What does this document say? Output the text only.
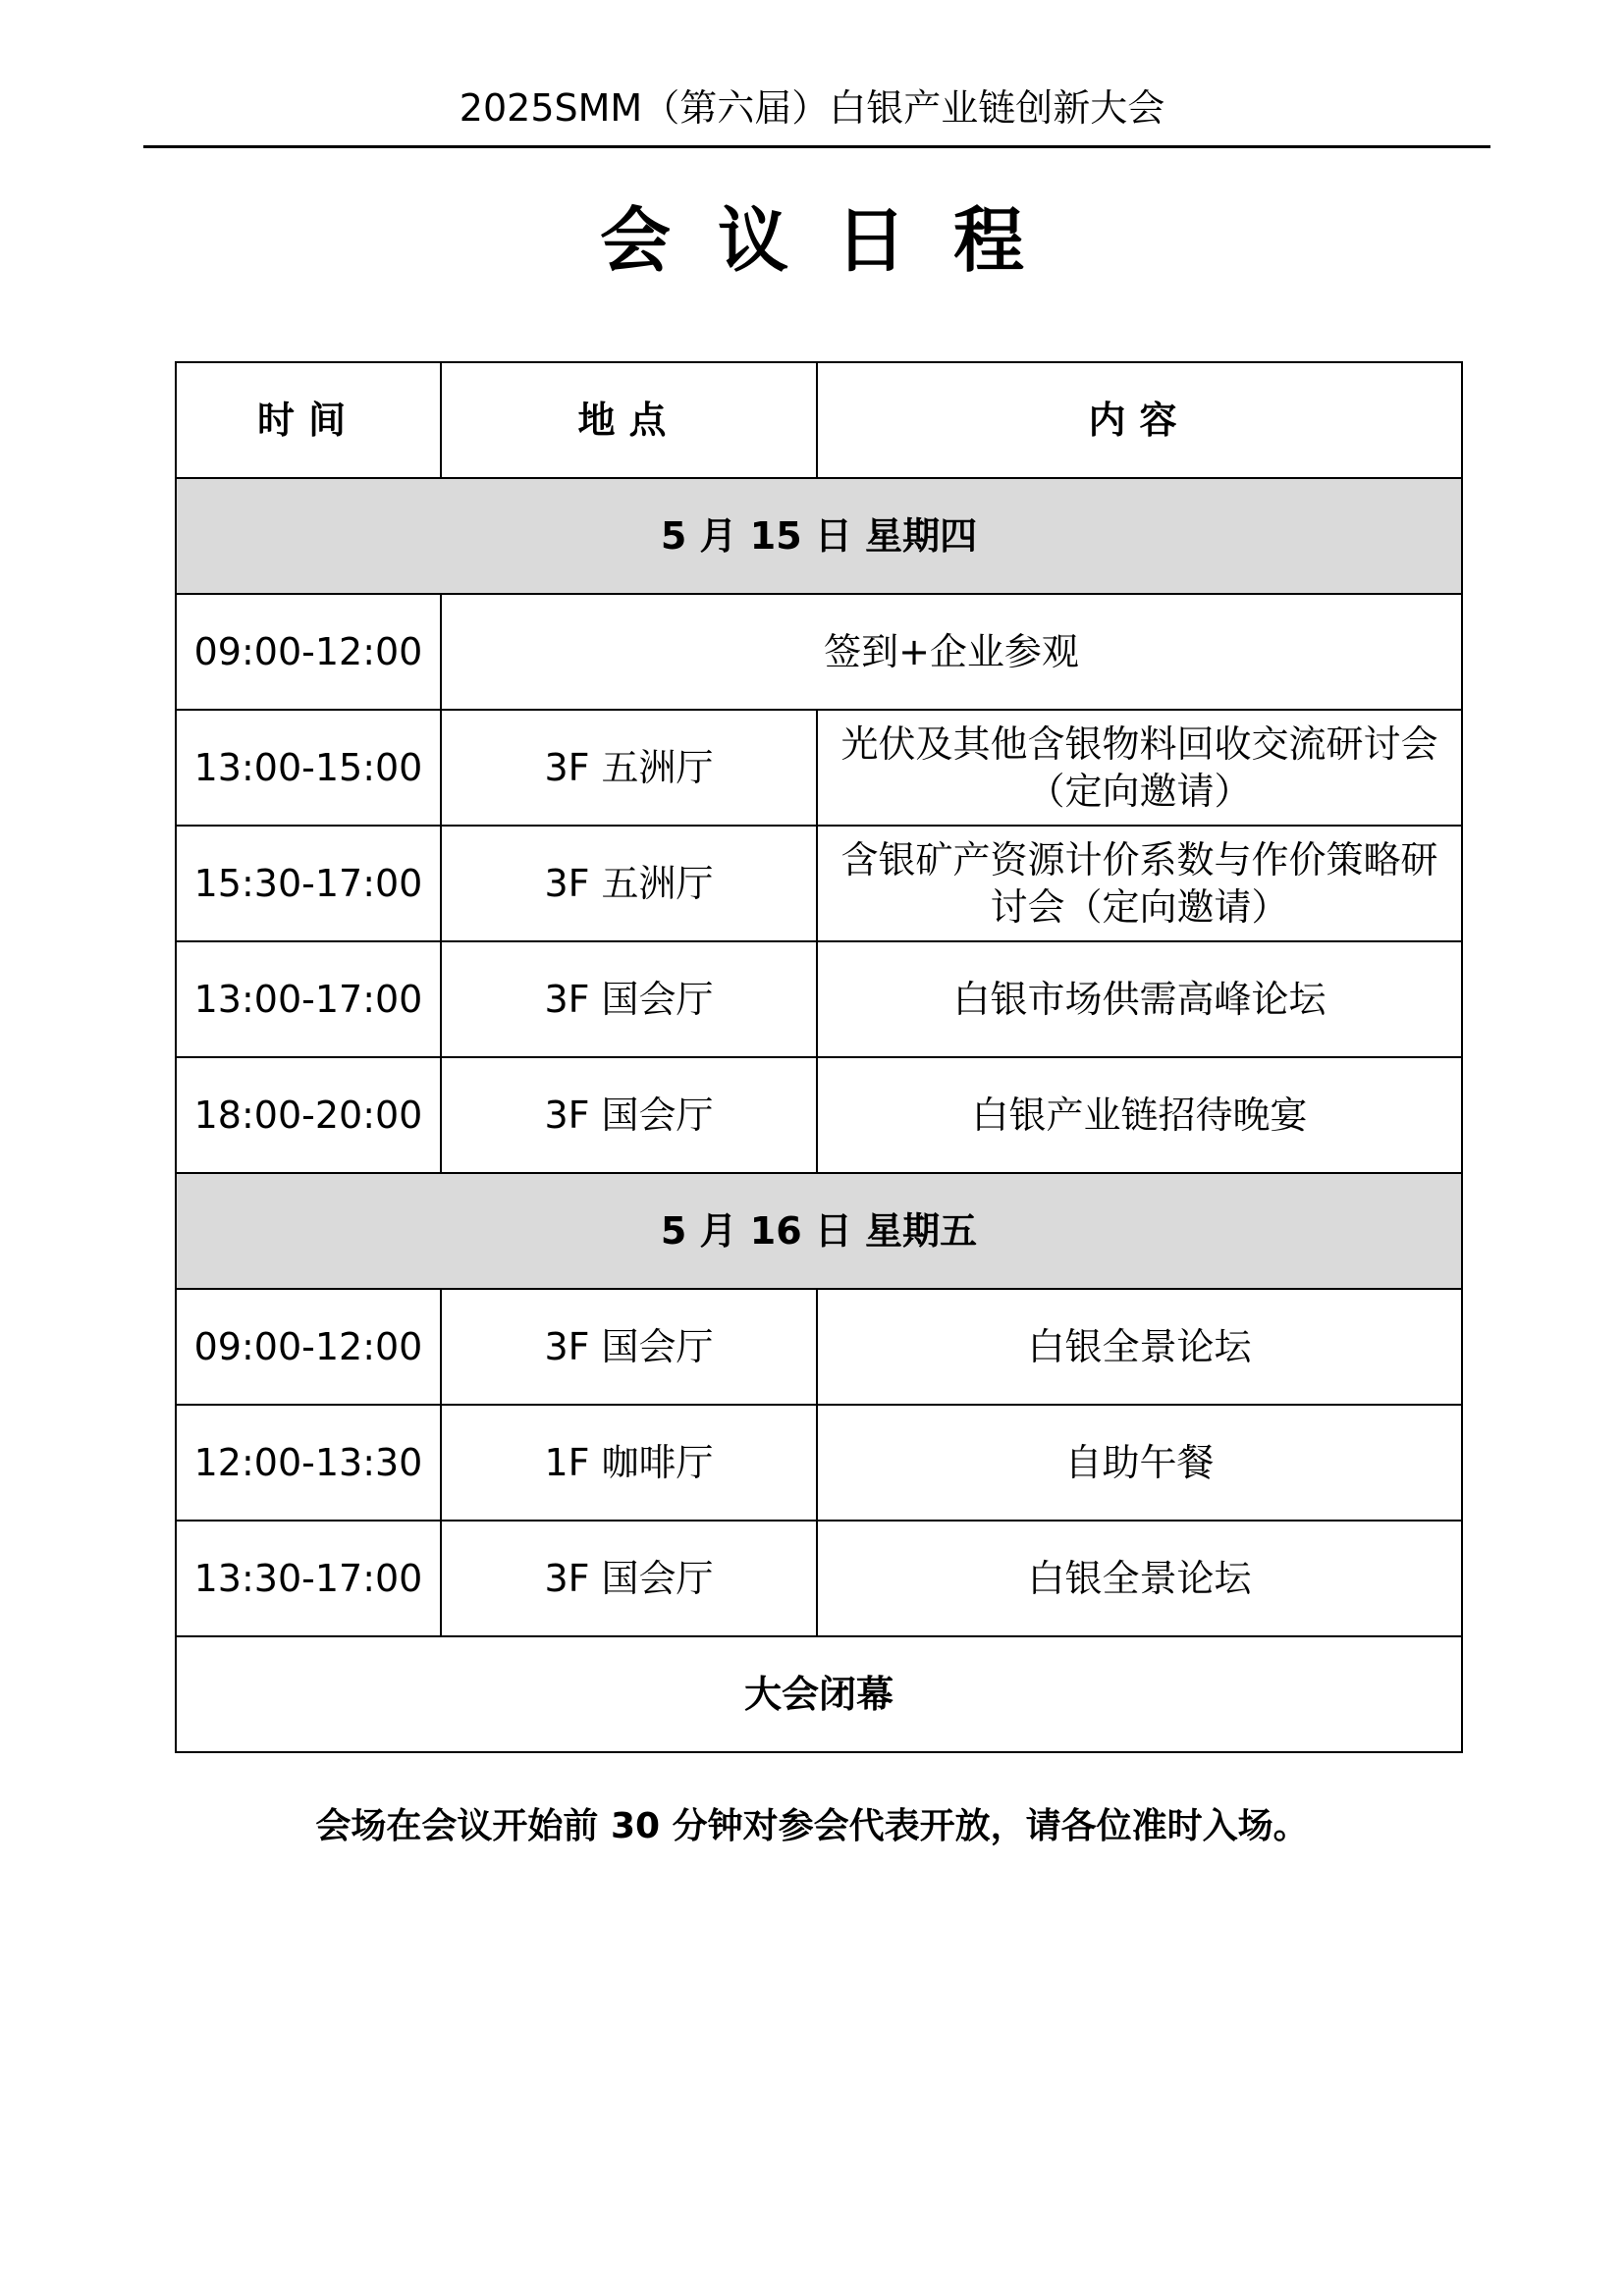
2025SMM（第六届）白银产业链创新大会
会议日程
时间	地点	内容
5 月 15 日 星期四		
09:00-12:00	签到+企业参观	
13:00-15:00	3F 五洲厅	光伏及其他含银物料回收交流研讨会（定向邀请）
15:30-17:00	3F 五洲厅	含银矿产资源计价系数与作价策略研讨会（定向邀请）
13:00-17:00	3F 国会厅	白银市场供需高峰论坛
18:00-20:00	3F 国会厅	白银产业链招待晚宴
5 月 16 日 星期五		
09:00-12:00	3F 国会厅	白银全景论坛
12:00-13:30	1F 咖啡厅	自助午餐
13:30-17:00	3F 国会厅	白银全景论坛
大会闭幕		
会场在会议开始前 30 分钟对参会代表开放，请各位准时入场。
